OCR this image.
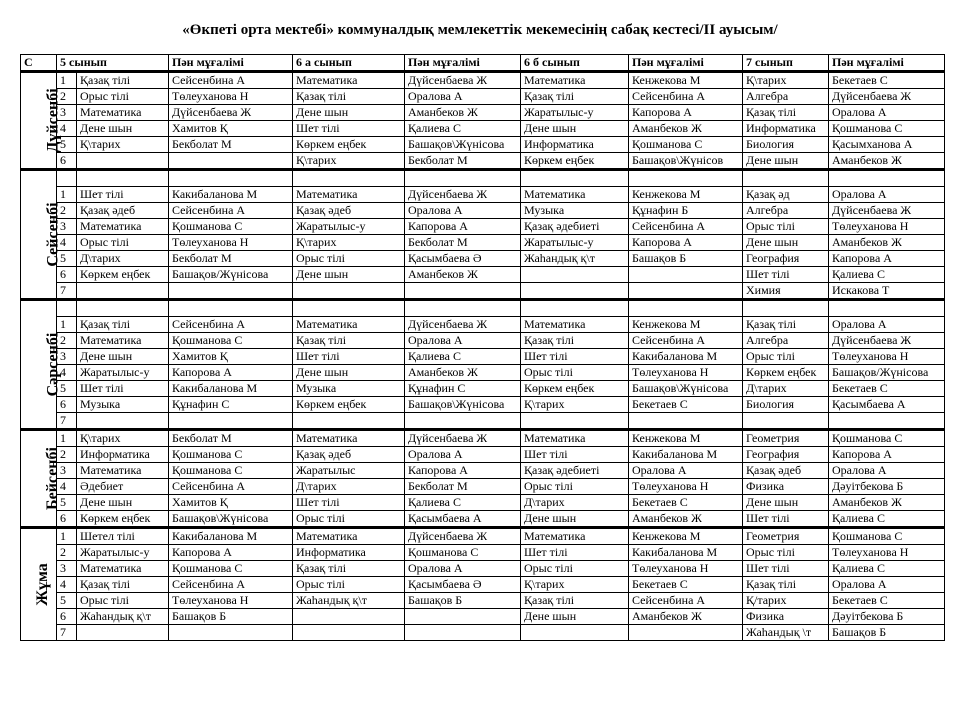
«Өкпеті орта мектебі» коммуналдық мемлекеттік мекемесінің сабақ кестесі/II ауысым/
С	5 сынып		Пән мұғалімі	6 а сынып	Пән мұғалімі	6 б сынып	Пән мұғалімі	7 сынып	Пән мұғалімі
Дүйсенбі	1	Қазақ тілі	Сейсенбина А	Математика	Дүйсенбаева Ж	Математика	Кенжекова М	Қ\тарих	Бекетаев С
	2	Орыс тілі	Төлеуханова Н	Қазақ тілі	Оралова А	Қазақ тілі	Сейсенбина А	Алгебра	Дүйсенбаева Ж
	3	Математика	Дүйсенбаева Ж	Дене шын	Аманбеков Ж	Жаратылыс-у	Капорова А	Қазақ тілі	Оралова А
	4	Дене шын	Хамитов Қ	Шет тілі	Қалиева С	Дене шын	Аманбеков Ж	Информатика	Қошманова С
	5	Қ\тарих	Бекболат М	Көркем еңбек	Башақов\Жүнісова	Информатика	Қошманова С	Биология	Қасымханова А
	6			Қ\тарих	Бекболат М	Көркем еңбек	Башақов\Жүнісов	Дене шын	Аманбеков Ж
Сейсенбі									
	1	Шет тілі	Какибаланова М	Математика	Дүйсенбаева Ж	Математика	Кенжекова М	Қазақ әд	Оралова А
	2	Қазақ әдеб	Сейсенбина А	Қазақ әдеб	Оралова А	Музыка	Құнафин Б	Алгебра	Дүйсенбаева Ж
	3	Математика	Қошманова С	Жаратылыс-у	Капорова А	Қазақ әдебиеті	Сейсенбина А	Орыс тілі	Төлеуханова Н
	4	Орыс тілі	Төлеуханова Н	Қ\тарих	Бекболат М	Жаратылыс-у	Капорова А	Дене шын	Аманбеков Ж
	5	Д\тарих	Бекболат М	Орыс тілі	Қасымбаева Ә	Жаһандық қ\т	Башақов Б	География	Капорова А
	6	Көркем еңбек	Башақов/Жүнісова	Дене шын	Аманбеков Ж			Шет тілі	Қалиева С
	7							Химия	Искакова Т
Сәрсенбі									
	1	Қазақ тілі	Сейсенбина А	Математика	Дүйсенбаева Ж	Математика	Кенжекова М	Қазақ тілі	Оралова А
	2	Математика	Қошманова С	Қазақ тілі	Оралова А	Қазақ тілі	Сейсенбина А	Алгебра	Дүйсенбаева Ж
	3	Дене шын	Хамитов Қ	Шет тілі	Қалиева С	Шет тілі	Какибаланова М	Орыс тілі	Төлеуханова Н
	4	Жаратылыс-у	Капорова А	Дене шын	Аманбеков Ж	Орыс тілі	Төлеуханова Н	Көркем еңбек	Башақов/Жүнісова
	5	Шет тілі	Какибаланова М	Музыка	Құнафин С	Көркем еңбек	Башақов\Жүнісова	Д\тарих	Бекетаев С
	6	Музыка	Құнафин С	Көркем еңбек	Башақов\Жүнісова	Қ\тарих	Бекетаев С	Биология	Қасымбаева А
	7								
Бейсенбі	1	Қ\тарих	Бекболат М	Математика	Дүйсенбаева Ж	Математика	Кенжекова М	Геометрия	Қошманова С
	2	Информатика	Қошманова С	Қазақ әдеб	Оралова А	Шет тілі	Какибаланова М	География	Капорова А
	3	Математика	Қошманова С	Жаратылыс	Капорова А	Қазақ әдебиеті	Оралова А	Қазақ әдеб	Оралова А
	4	Әдебиет	Сейсенбина А	Д\тарих	Бекболат М	Орыс тілі	Төлеуханова Н	Физика	Дәуітбекова Б
	5	Дене шын	Хамитов Қ	Шет тілі	Қалиева С	Д\тарих	Бекетаев С	Дене шын	Аманбеков Ж
	6	Көркем еңбек	Башақов\Жүнісова	Орыс тілі	Қасымбаева А	Дене шын	Аманбеков Ж	Шет тілі	Қалиева С
Жұма	1	Шетел тілі	Какибаланова М	Математика	Дүйсенбаева Ж	Математика	Кенжекова М	Геометрия	Қошманова С
	2	Жаратылыс-у	Капорова А	Информатика	Қошманова С	Шет тілі	Какибаланова М	Орыс тілі	Төлеуханова Н
	3	Математика	Қошманова С	Қазақ тілі	Оралова А	Орыс тілі	Төлеуханова Н	Шет тілі	Қалиева С
	4	Қазақ тілі	Сейсенбина А	Орыс тілі	Қасымбаева Ә	Қ\тарих	Бекетаев С	Қазақ тілі	Оралова А
	5	Орыс тілі	Төлеуханова Н	Жаһандық қ\т	Башақов Б	Қазақ тілі	Сейсенбина А	Қ/тарих	Бекетаев С
	6	Жаһандық қ\т	Башақов Б			Дене шын	Аманбеков Ж	Физика	Дәуітбекова Б
	7							Жаһандық \т	Башақов Б
